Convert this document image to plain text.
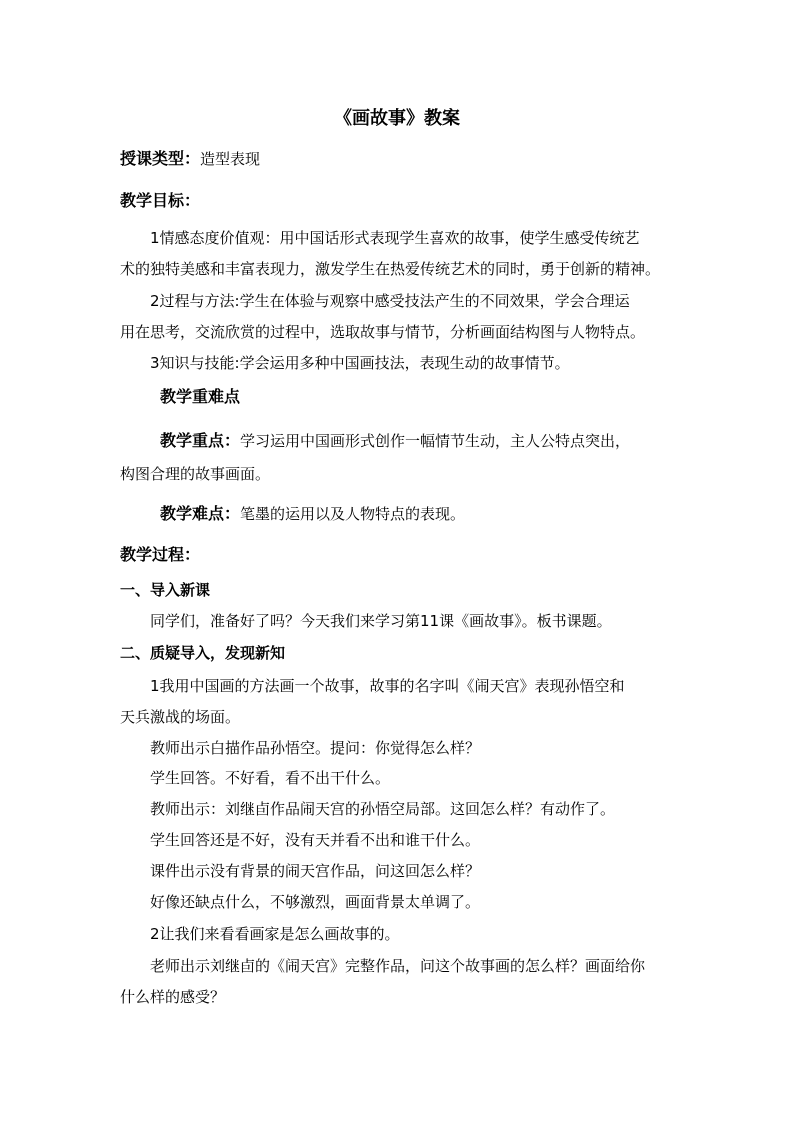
《画故事》教案
授课类型：造型表现
教学目标：
1情感态度价值观：用中国话形式表现学生喜欢的故事，使学生感受传统艺
术的独特美感和丰富表现力，激发学生在热爱传统艺术的同时，勇于创新的精神。
2过程与方法:学生在体验与观察中感受技法产生的不同效果，学会合理运
用在思考，交流欣赏的过程中，选取故事与情节，分析画面结构图与人物特点。
3知识与技能:学会运用多种中国画技法，表现生动的故事情节。
教学重难点
教学重点：学习运用中国画形式创作一幅情节生动，主人公特点突出，
构图合理的故事画面。
教学难点：笔墨的运用以及人物特点的表现。
教学过程：
一、导入新课
同学们，准备好了吗？今天我们来学习第11课《画故事》。板书课题。
二、质疑导入，发现新知
1我用中国画的方法画一个故事，故事的名字叫《闹天宫》表现孙悟空和
天兵激战的场面。
教师出示白描作品孙悟空。提问：你觉得怎么样？
学生回答。不好看，看不出干什么。
教师出示：刘继卣作品闹天宫的孙悟空局部。这回怎么样？有动作了。
学生回答还是不好，没有天并看不出和谁干什么。
课件出示没有背景的闹天宫作品，问这回怎么样？
好像还缺点什么，不够激烈，画面背景太单调了。
2让我们来看看画家是怎么画故事的。
老师出示刘继卣的《闹天宫》完整作品，问这个故事画的怎么样？画面给你
什么样的感受？
